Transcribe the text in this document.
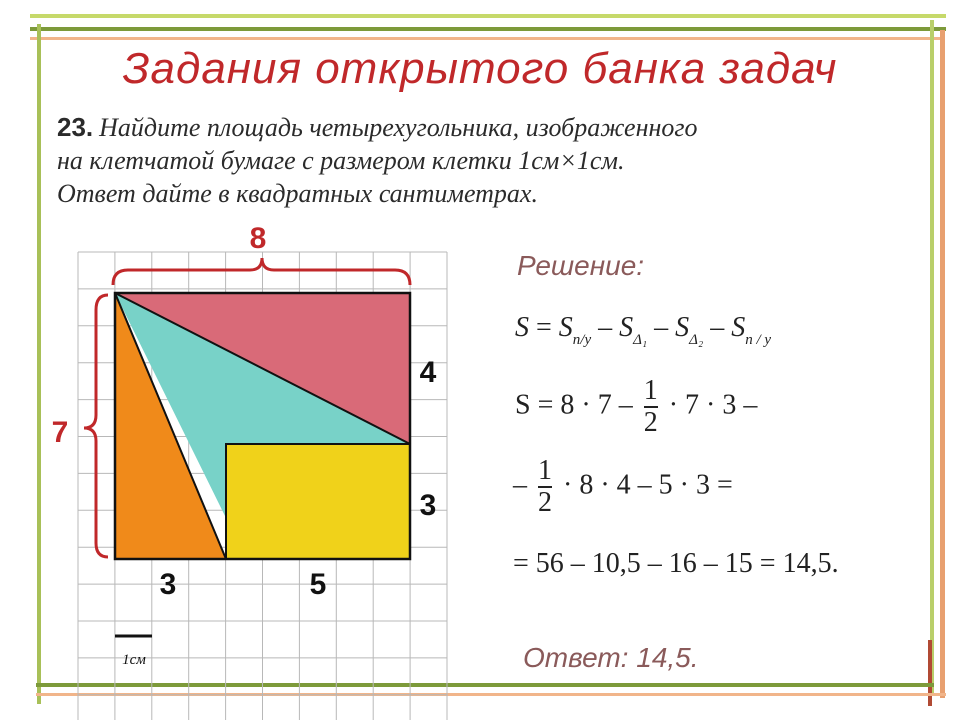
Задания открытого банка задач
23. Найдите площадь четырехугольника, изображенного
на клетчатой бумаге с размером клетки 1см×1см.
Ответ дайте в квадратных сантиметрах.
8
7
4
3
3	5
1см
Решение:
$S = S_{п/у} - S_{\Delta_1} - S_{\Delta_2} - S_{п / у}$
$S = 8 \cdot 7 - \frac{1}{2} \cdot 7 \cdot 3$ –
– $\frac{1}{2} \cdot 8 \cdot 4 - 5 \cdot 3$ =
= 56 – 10,5 – 16 – 15 = 14,5.
Ответ: 14,5.
